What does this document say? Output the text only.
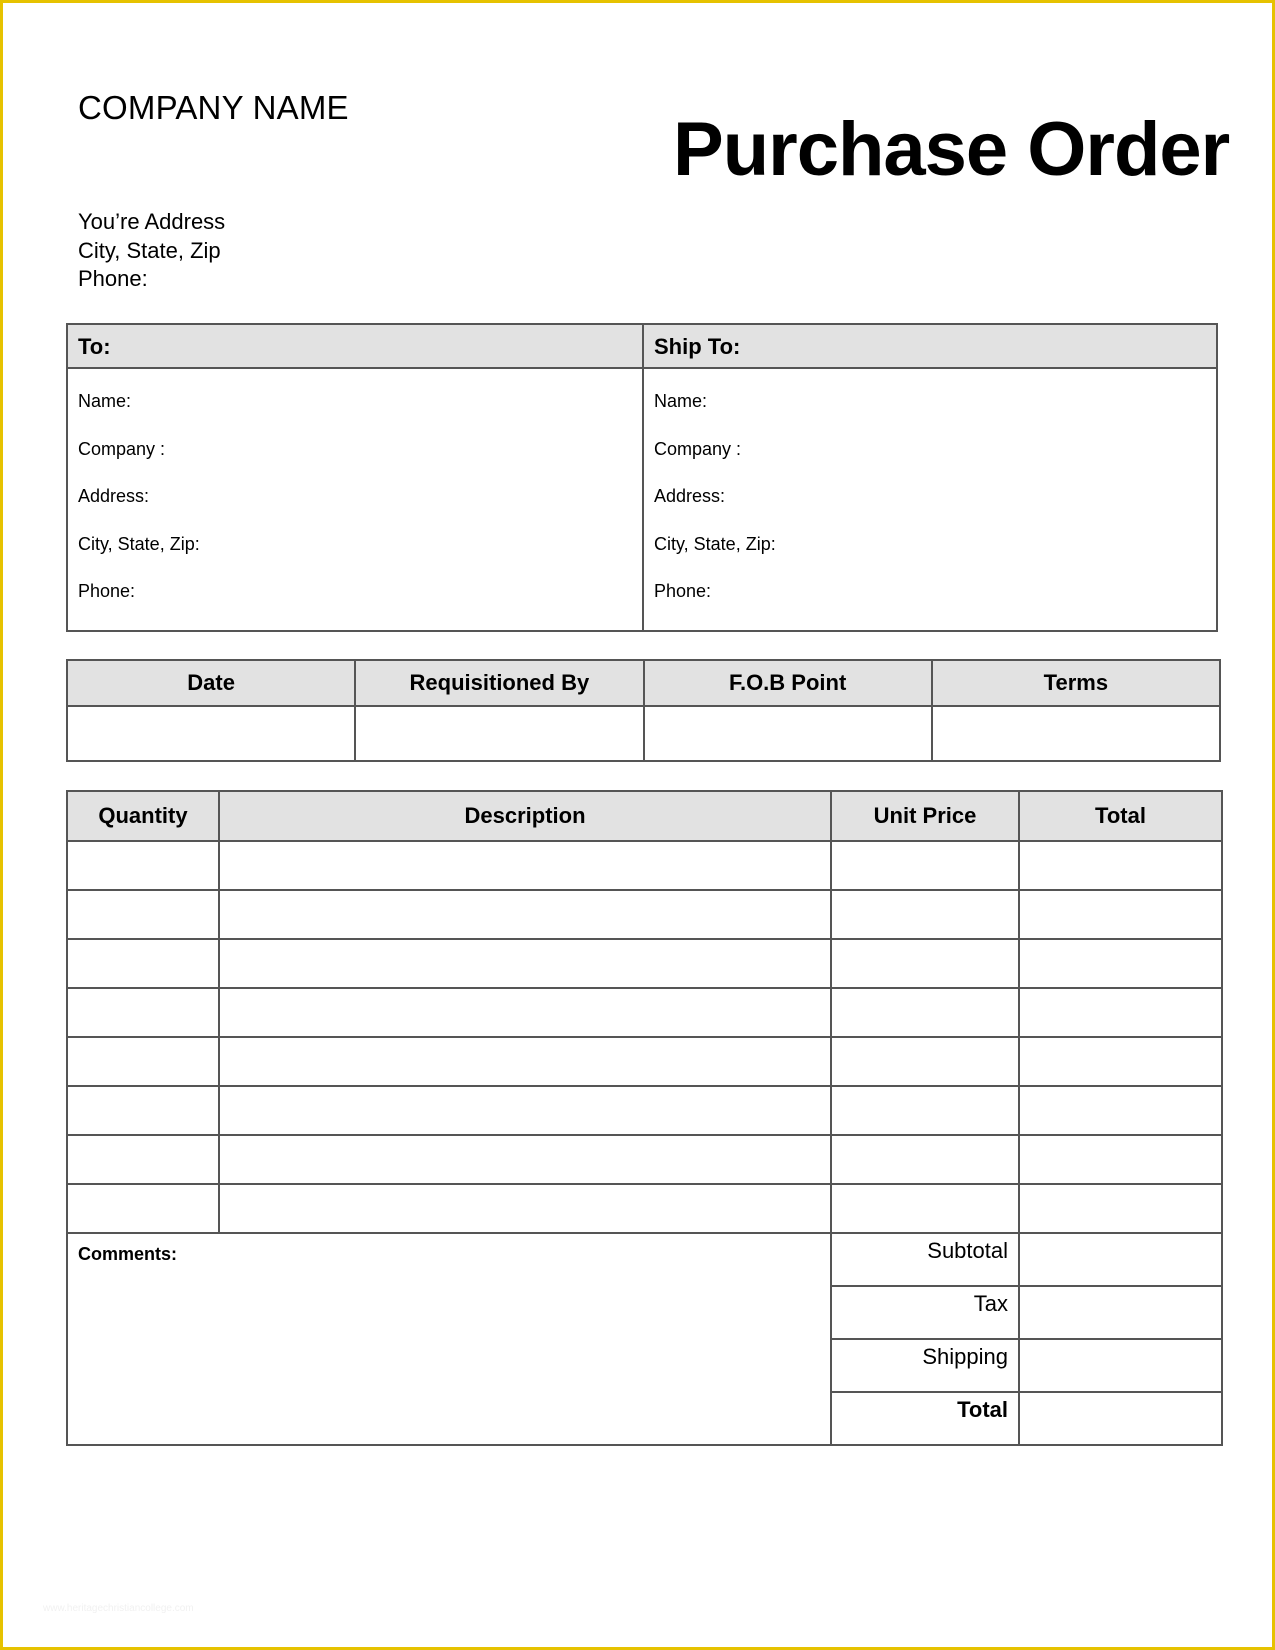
COMPANY NAME	Purchase Order
You’re Address
City, State, Zip
Phone:
To:
Name:
Company :
Address:
City, State, Zip:
Phone:
Ship To:
Name:
Company :
Address:
City, State, Zip:
Phone:
Date	Requisitioned By	F.O.B Point	Terms

Quantity	Description	Unit Price	Total

Comments:		Subtotal	
		Tax	
		Shipping	
		Total	
www.heritagechristiancollege.com
